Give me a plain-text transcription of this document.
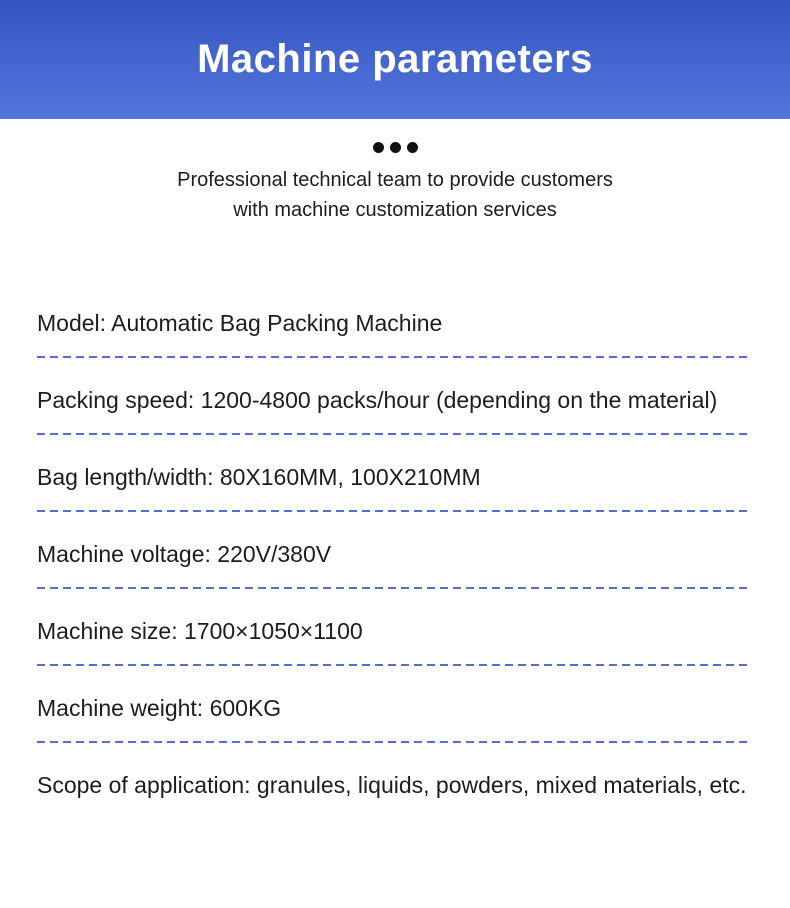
Machine parameters
Professional technical team to provide customers
with machine customization services
Model: Automatic Bag Packing Machine
Packing speed: 1200-4800 packs/hour (depending on the material)
Bag length/width: 80X160MM, 100X210MM
Machine voltage: 220V/380V
Machine size: 1700×1050×1100
Machine weight: 600KG
Scope of application: granules, liquids, powders, mixed materials, etc.
